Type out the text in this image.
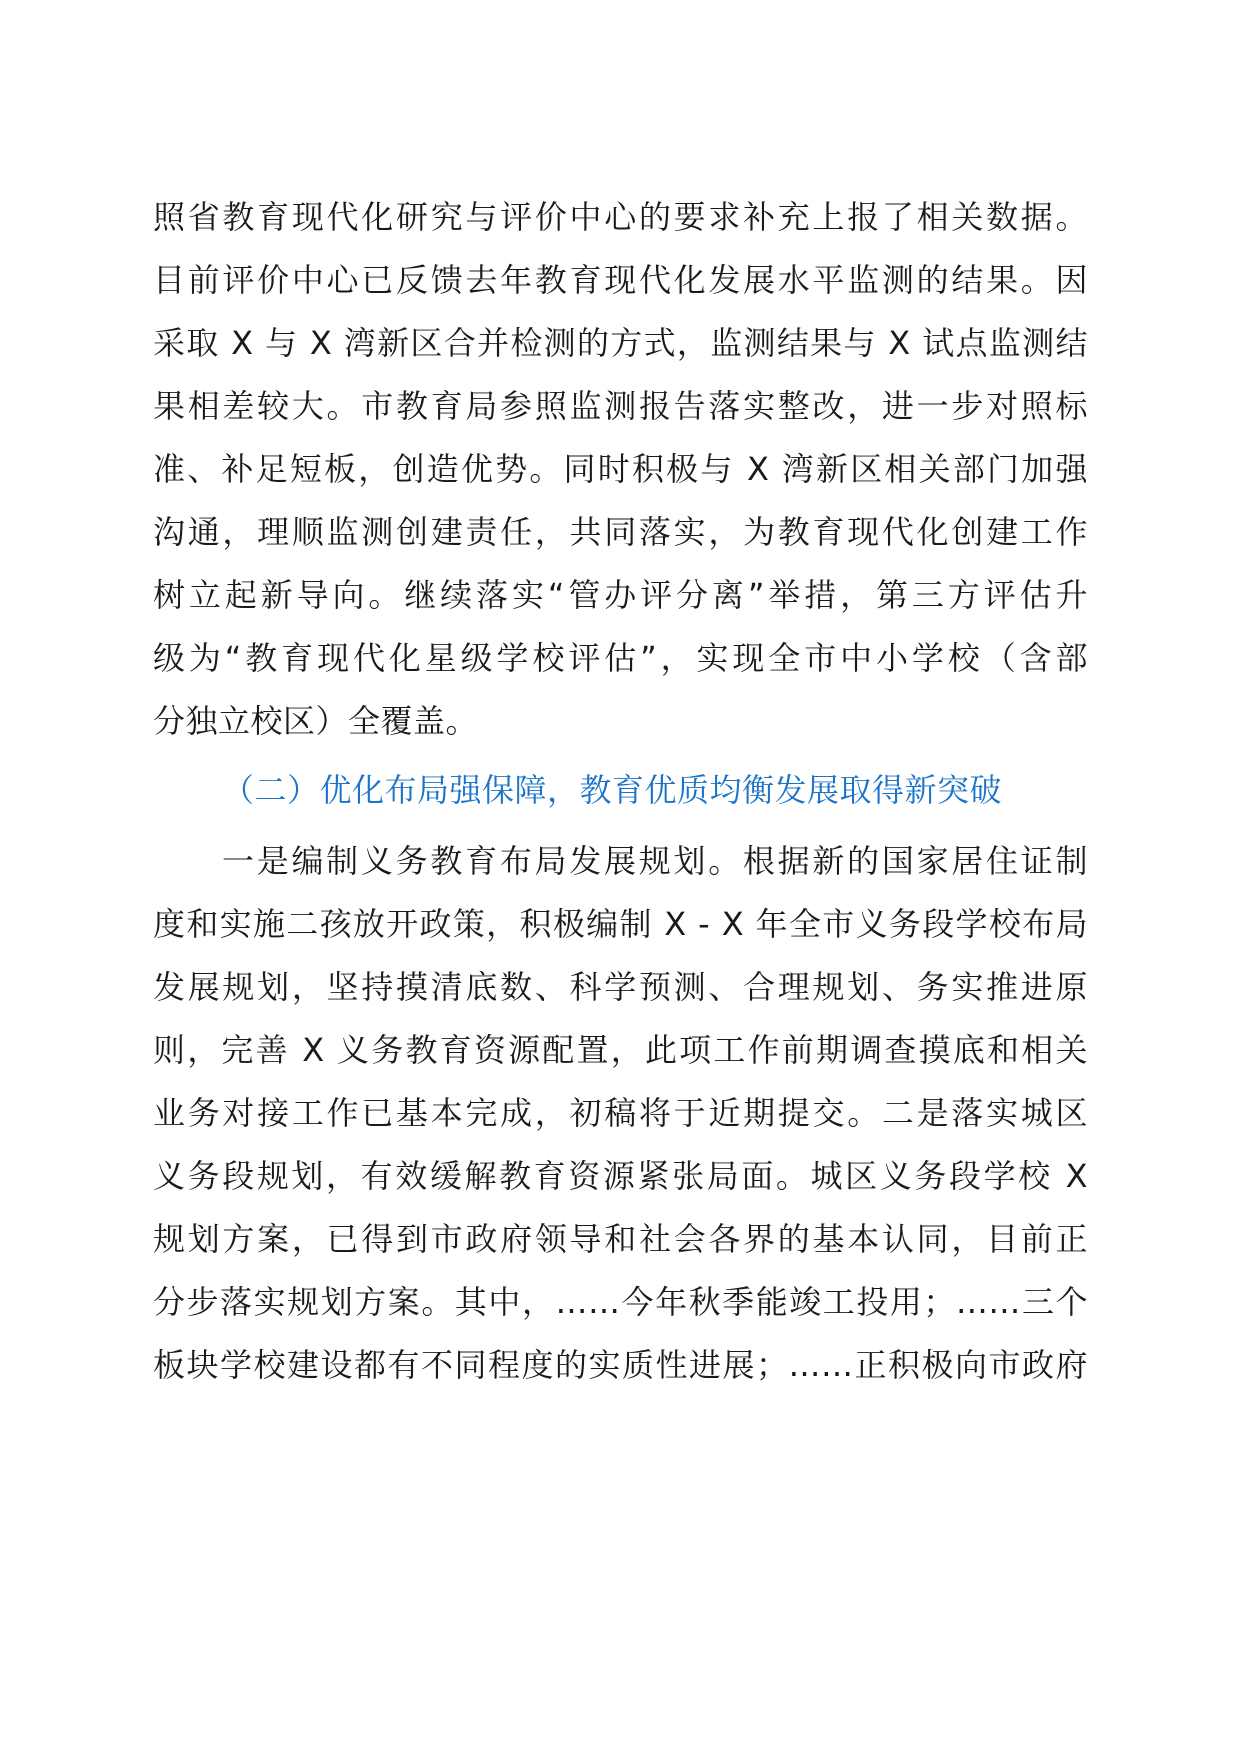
照省教育现代化研究与评价中心的要求补充上报了相关数据。
目前评价中心已反馈去年教育现代化发展水平监测的结果。因
采取 X 与 X 湾新区合并检测的方式，监测结果与 X 试点监测结
果相差较大。市教育局参照监测报告落实整改，进一步对照标
准、补足短板，创造优势。同时积极与 X 湾新区相关部门加强
沟通，理顺监测创建责任，共同落实，为教育现代化创建工作
树立起新导向。继续落实“管办评分离”举措，第三方评估升
级为“教育现代化星级学校评估”，实现全市中小学校（含部
分独立校区）全覆盖。
（二）优化布局强保障，教育优质均衡发展取得新突破
一是编制义务教育布局发展规划。根据新的国家居住证制
度和实施二孩放开政策，积极编制 X - X 年全市义务段学校布局
发展规划，坚持摸清底数、科学预测、合理规划、务实推进原
则，完善 X 义务教育资源配置，此项工作前期调查摸底和相关
业务对接工作已基本完成，初稿将于近期提交。二是落实城区
义务段规划，有效缓解教育资源紧张局面。城区义务段学校 X
规划方案，已得到市政府领导和社会各界的基本认同，目前正
分步落实规划方案。其中，……今年秋季能竣工投用；……三个
板块学校建设都有不同程度的实质性进展；……正积极向市政府
